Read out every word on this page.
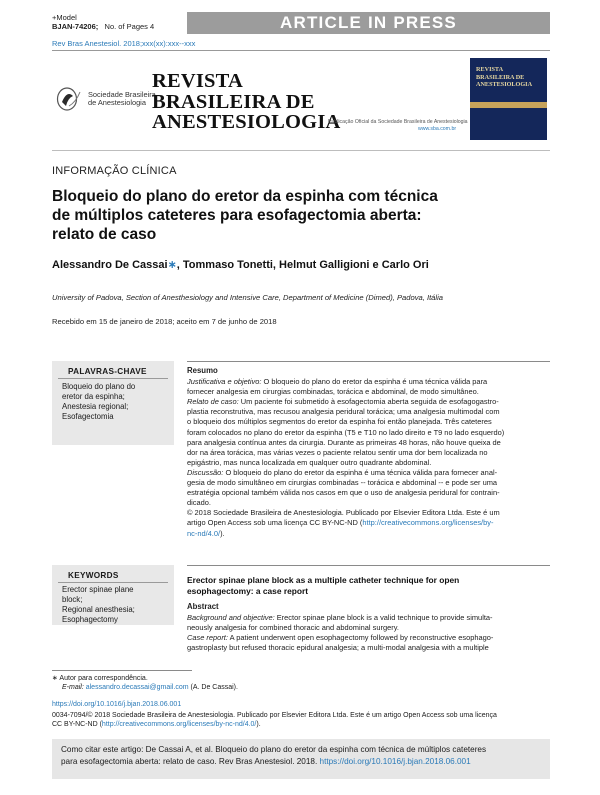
+Model
BJAN-74206; No. of Pages 4	ARTICLE IN PRESS
Rev Bras Anestesiol. 2018;xxx(xx):xxx--xxx
Sociedade Brasileira
de Anestesiologia
REVISTA
BRASILEIRA DE
ANESTESIOLOGIA
Publicação Oficial da Sociedade Brasileira de Anestesiologia
www.sba.com.br
REVISTA
BRASILEIRA DE
ANESTESIOLOGIA
INFORMAÇÃO CLÍNICA
Bloqueio do plano do eretor da espinha com técnica
de múltiplos cateteres para esofagectomia aberta:
relato de caso
Alessandro De Cassai∗, Tommaso Tonetti, Helmut Galligioni e Carlo Ori
University of Padova, Section of Anesthesiology and Intensive Care, Department of Medicine (Dimed), Padova, Itália
Recebido em 15 de janeiro de 2018; aceito em 7 de junho de 2018
PALAVRAS-CHAVE
Bloqueio do plano do
eretor da espinha;
Anestesia regional;
Esofagectomia
Resumo

Justificativa e objetivo: O bloqueio do plano do eretor da espinha é uma técnica válida para

fornecer analgesia em cirurgias combinadas, torácica e abdominal, de modo simultâneo.

Relato de caso: Um paciente foi submetido à esofagectomia aberta seguida de esofagogastro-

plastia reconstrutiva, mas recusou analgesia peridural torácica; uma analgesia multimodal com

o bloqueio dos múltiplos segmentos do eretor da espinha foi então planejada. Três cateteres

foram colocados no plano do eretor da espinha (T5 e T10 no lado direito e T9 no lado esquerdo)

para analgesia contínua antes da cirurgia. Durante as primeiras 48 horas, não houve queixa de

dor na área torácica, mas várias vezes o paciente relatou sentir uma dor bem localizada no

epigástrio, mas nunca localizada em qualquer outro quadrante abdominal.

Discussão: O bloqueio do plano do eretor da espinha é uma técnica válida para fornecer anal-

gesia de modo simultâneo em cirurgias combinadas -- torácica e abdominal -- e pode ser uma

estratégia opcional também válida nos casos em que o uso de analgesia peridural for contrain-

dicado.

© 2018 Sociedade Brasileira de Anestesiologia. Publicado por Elsevier Editora Ltda. Este é um

artigo Open Access sob uma licença CC BY-NC-ND (http://creativecommons.org/licenses/by-

nc-nd/4.0/).

KEYWORDS
Erector spinae plane
block;
Regional anesthesia;
Esophagectomy
Erector spinae plane block as a multiple catheter technique for open
esophagectomy: a case report
Abstract

Background and objective: Erector spinae plane block is a valid technique to provide simulta-

neously analgesia for combined thoracic and abdominal surgery.

Case report: A patient underwent open esophagectomy followed by reconstructive esophago-

gastroplasty but refused thoracic epidural analgesia; a multi-modal analgesia with a multiple

∗ Autor para correspondência.
E-mail: alessandro.decassai@gmail.com (A. De Cassai).
https://doi.org/10.1016/j.bjan.2018.06.001
0034-7094/© 2018 Sociedade Brasileira de Anestesiologia. Publicado por Elsevier Editora Ltda. Este é um artigo Open Access sob uma licença
CC BY-NC-ND (http://creativecommons.org/licenses/by-nc-nd/4.0/).
Como citar este artigo: De Cassai A, et al. Bloqueio do plano do eretor da espinha com técnica de múltiplos cateteres
para esofagectomia aberta: relato de caso. Rev Bras Anestesiol. 2018. https://doi.org/10.1016/j.bjan.2018.06.001
